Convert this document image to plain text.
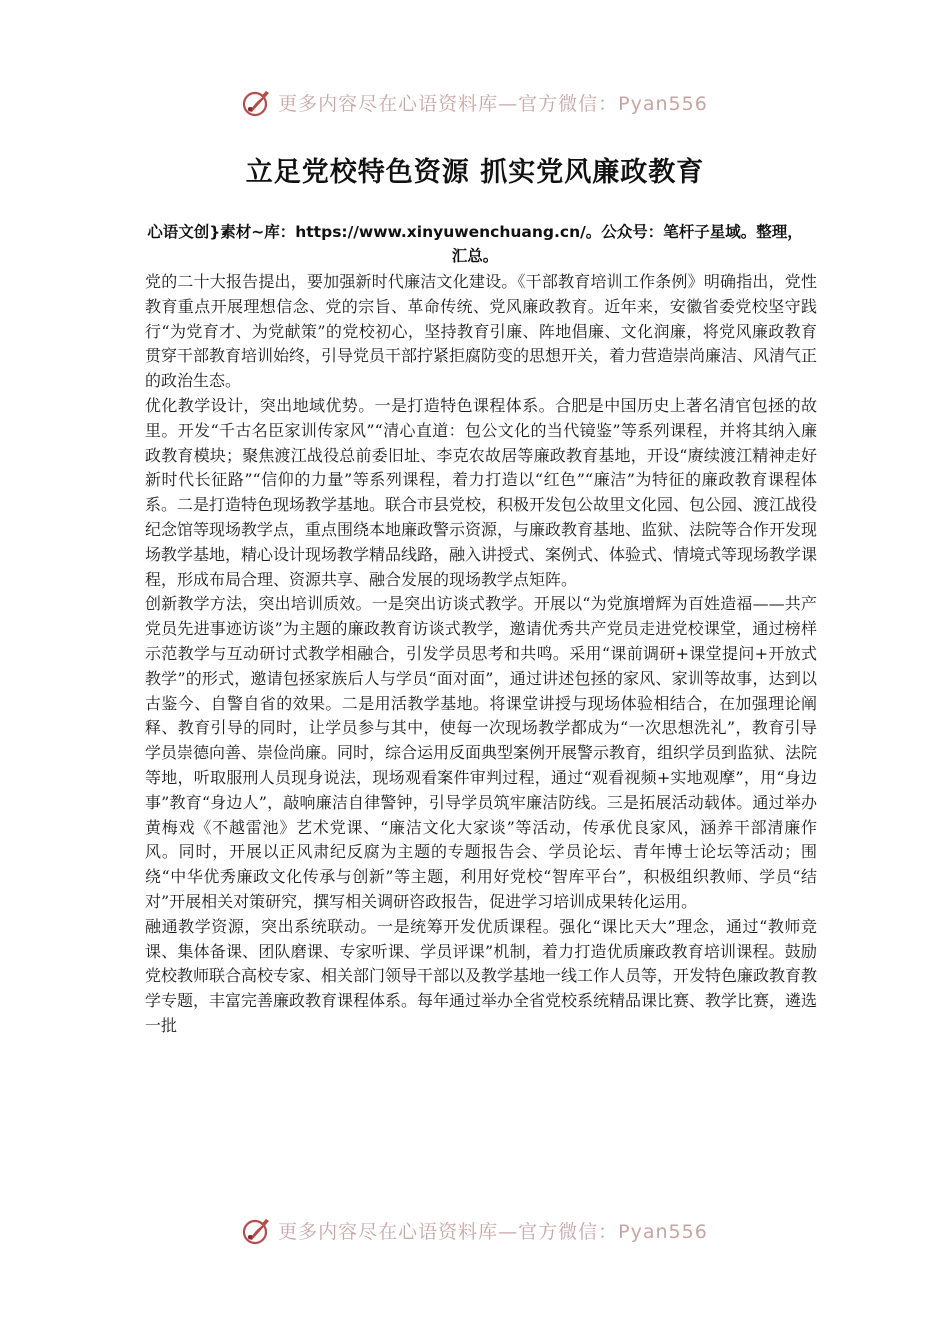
更多内容尽在心语资料库—官方微信：Pyan556
立足党校特色资源 抓实党风廉政教育
心语文创}素材~库：https://www.xinyuwenchuang.cn/。公众号：笔杆子星域。整理，汇总。

党的二十大报告提出，要加强新时代廉洁文化建设。《干部教育培训工作条例》明确指出，党性教育重点开展理想信念、党的宗旨、革命传统、党风廉政教育。近年来，安徽省委党校坚守践行“为党育才、为党献策”的党校初心，坚持教育引廉、阵地倡廉、文化润廉，将党风廉政教育贯穿干部教育培训始终，引导党员干部拧紧拒腐防变的思想开关，着力营造崇尚廉洁、风清气正的政治生态。

优化教学设计，突出地域优势。一是打造特色课程体系。合肥是中国历史上著名清官包拯的故里。开发“千古名臣家训传家风”“清心直道：包公文化的当代镜鉴”等系列课程，并将其纳入廉政教育模块；聚焦渡江战役总前委旧址、李克农故居等廉政教育基地，开设“赓续渡江精神走好新时代长征路”“信仰的力量”等系列课程，着力打造以“红色”“廉洁”为特征的廉政教育课程体系。二是打造特色现场教学基地。联合市县党校，积极开发包公故里文化园、包公园、渡江战役纪念馆等现场教学点，重点围绕本地廉政警示资源，与廉政教育基地、监狱、法院等合作开发现场教学基地，精心设计现场教学精品线路，融入讲授式、案例式、体验式、情境式等现场教学课程，形成布局合理、资源共享、融合发展的现场教学点矩阵。

创新教学方法，突出培训质效。一是突出访谈式教学。开展以“为党旗增辉为百姓造福——共产党员先进事迹访谈”为主题的廉政教育访谈式教学，邀请优秀共产党员走进党校课堂，通过榜样示范教学与互动研讨式教学相融合，引发学员思考和共鸣。采用“课前调研+课堂提问+开放式教学”的形式，邀请包拯家族后人与学员“面对面”，通过讲述包拯的家风、家训等故事，达到以古鉴今、自警自省的效果。二是用活教学基地。将课堂讲授与现场体验相结合，在加强理论阐释、教育引导的同时，让学员参与其中，使每一次现场教学都成为“一次思想洗礼”，教育引导学员崇德向善、崇俭尚廉。同时，综合运用反面典型案例开展警示教育，组织学员到监狱、法院等地，听取服刑人员现身说法，现场观看案件审判过程，通过“观看视频+实地观摩”，用“身边事”教育“身边人”，敲响廉洁自律警钟，引导学员筑牢廉洁防线。三是拓展活动载体。通过举办黄梅戏《不越雷池》艺术党课、“廉洁文化大家谈”等活动，传承优良家风，涵养干部清廉作风。同时，开展以正风肃纪反腐为主题的专题报告会、学员论坛、青年博士论坛等活动；围绕“中华优秀廉政文化传承与创新”等主题，利用好党校“智库平台”，积极组织教师、学员“结对”开展相关对策研究，撰写相关调研咨政报告，促进学习培训成果转化运用。

融通教学资源，突出系统联动。一是统筹开发优质课程。强化“课比天大”理念，通过“教师竞课、集体备课、团队磨课、专家听课、学员评课”机制，着力打造优质廉政教育培训课程。鼓励党校教师联合高校专家、相关部门领导干部以及教学基地一线工作人员等，开发特色廉政教育教学专题，丰富完善廉政教育课程体系。每年通过举办全省党校系统精品课比赛、教学比赛，遴选一批

更多内容尽在心语资料库—官方微信：Pyan556
